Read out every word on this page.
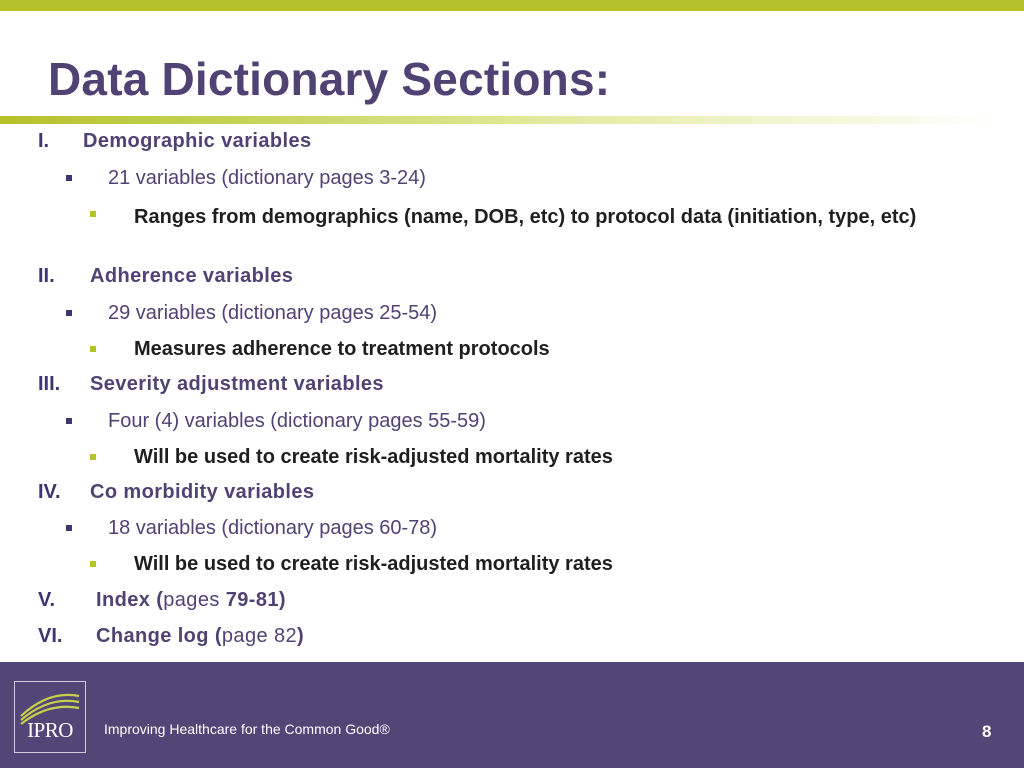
Data Dictionary Sections:
I. Demographic variables
21 variables (dictionary pages 3-24)
Ranges from demographics (name, DOB, etc) to protocol data (initiation, type, etc)
II. Adherence variables
29 variables (dictionary pages 25-54)
Measures adherence to treatment protocols
III. Severity adjustment variables
Four (4) variables (dictionary pages 55-59)
Will be used to create risk-adjusted mortality rates
IV. Co morbidity variables
18 variables (dictionary pages 60-78)
Will be used to create risk-adjusted mortality rates
V. Index (pages 79-81)
VI. Change log (page 82)
IPRO	Improving Healthcare for the Common Good®	8
